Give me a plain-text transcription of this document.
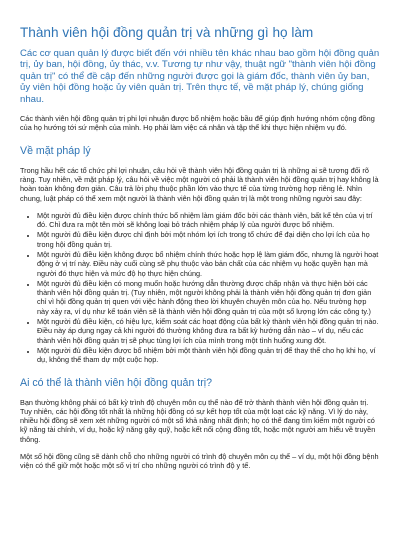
Thành viên hội đồng quản trị và những gì họ làm

Các cơ quan quản lý được biết đến với nhiều tên khác nhau bao gồm hội đồng quản trị, ủy ban, hội đồng, ủy thác, v.v. Tương tự như vậy, thuật ngữ "thành viên hội đồng quản trị" có thể đề cập đến những người được gọi là giám đốc, thành viên ủy ban, ủy viên hội đồng hoặc ủy viên quản trị. Trên thực tế, về mặt pháp lý, chúng giống nhau.

Các thành viên hội đồng quản trị phi lợi nhuận được bổ nhiệm hoặc bầu để giúp định hướng nhóm cộng đồng của họ hướng tới sứ mệnh của mình. Họ phải làm việc cá nhân và tập thể khi thực hiện nhiệm vụ đó.

Về mặt pháp lý

Trong hầu hết các tổ chức phi lợi nhuận, câu hỏi về thành viên hội đồng quản trị là những ai sẽ tương đối rõ ràng. Tuy nhiên, về mặt pháp lý, câu hỏi về việc một người có phải là thành viên hội đồng quản trị hay không là hoàn toàn không đơn giản. Câu trả lời phụ thuộc phần lớn vào thực tế của từng trường hợp riêng lẻ. Nhìn chung, luật pháp có thể xem một người là thành viên hội đồng quản trị là một trong những người sau đây:

• Một người đủ điều kiện được chính thức bổ nhiệm làm giám đốc bởi các thành viên, bất kể tên của vị trí đó. Chỉ đưa ra một tên mời sẽ không loại bỏ trách nhiệm pháp lý của người được bổ nhiệm.
• Một người đủ điều kiện được chỉ định bởi một nhóm lợi ích trong tổ chức để đại diện cho lợi ích của họ trong hội đồng quản trị.
• Một người đủ điều kiện không được bổ nhiệm chính thức hoặc hợp lệ làm giám đốc, nhưng là người hoạt động ở vị trí này. Điều này cuối cùng sẽ phụ thuộc vào bản chất của các nhiệm vụ hoặc quyền hạn mà người đó thực hiện và mức độ họ thực hiện chúng.
• Một người đủ điều kiện có mong muốn hoặc hướng dẫn thường được chấp nhận và thực hiện bởi các thành viên hội đồng quản trị. (Tuy nhiên, một người không phải là thành viên hội đồng quản trị đơn giản chỉ vì hội đồng quản trị quen với việc hành động theo lời khuyên chuyên môn của họ. Nếu trường hợp này xảy ra, ví dụ như kế toán viên sẽ là thành viên hội đồng quản trị của một số lượng lớn các công ty.)
• Một người đủ điều kiện, có hiệu lực, kiểm soát các hoạt động của bất kỳ thành viên hội đồng quản trị nào. Điều này áp dụng ngay cả khi người đó thường không đưa ra bất kỳ hướng dẫn nào – ví dụ, nếu các thành viên hội đồng quản trị sẽ phục tùng lợi ích của mình trong một tình huống xung đột.
• Một người đủ điều kiện được bổ nhiệm bởi một thành viên hội đồng quản trị để thay thế cho họ khi họ, ví dụ, không thể tham dự một cuộc họp.
Ai có thể là thành viên hội đồng quản trị?

Bạn thường không phải có bất kỳ trình độ chuyên môn cụ thể nào để trở thành thành viên hội đồng quản trị. Tuy nhiên, các hội đồng tốt nhất là những hội đồng có sự kết hợp tốt của một loạt các kỹ năng. Vì lý do này, nhiều hội đồng sẽ xem xét những người có một số khả năng nhất định; họ có thể đang tìm kiếm một người có kỹ năng tài chính, ví dụ, hoặc kỹ năng gây quỹ, hoặc kết nối cộng đồng tốt, hoặc một người am hiểu về truyền thông.

Một số hội đồng cũng sẽ dành chỗ cho những người có trình độ chuyên môn cụ thể – ví dụ, một hội đồng bệnh viện có thể giữ một hoặc một số vị trí cho những người có trình độ y tế.
